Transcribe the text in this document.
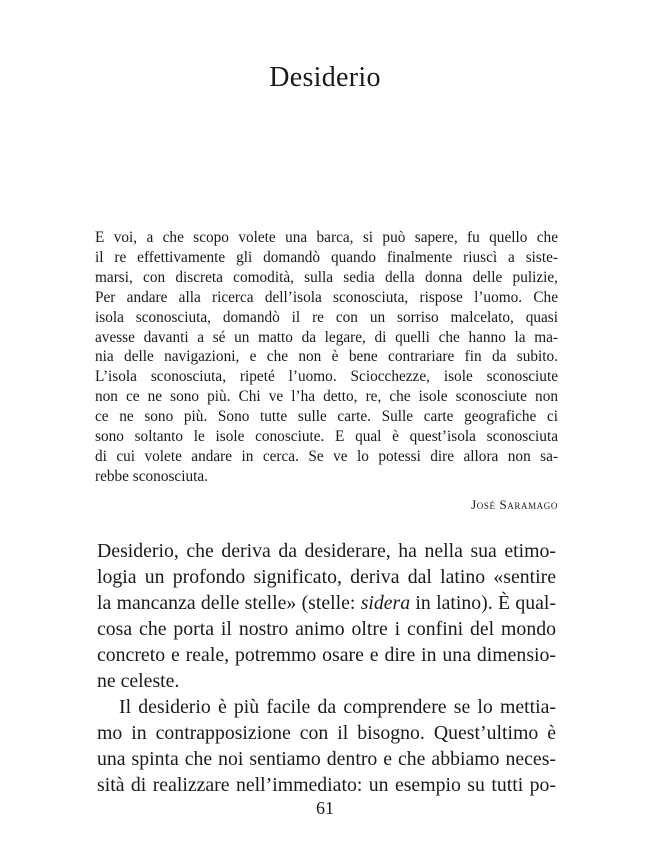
Desiderio

E voi, a che scopo volete una barca, si può sapere, fu quello che
il re effettivamente gli domandò quando finalmente riuscì a siste-
marsi, con discreta comodità, sulla sedia della donna delle pulizie,
Per andare alla ricerca dell’isola sconosciuta, rispose l’uomo. Che
isola sconosciuta, domandò il re con un sorriso malcelato, quasi
avesse davanti a sé un matto da legare, di quelli che hanno la ma-
nia delle navigazioni, e che non è bene contrariare fin da subito.
L’isola sconosciuta, ripeté l’uomo. Sciocchezze, isole sconosciute
non ce ne sono più. Chi ve l’ha detto, re, che isole sconosciute non
ce ne sono più. Sono tutte sulle carte. Sulle carte geografiche ci
sono soltanto le isole conosciute. E qual è quest’isola sconosciuta
di cui volete andare in cerca. Se ve lo potessi dire allora non sa-
rebbe sconosciuta.

José Saramago

Desiderio, che deriva da desiderare, ha nella sua etimo-
logia un profondo significato, deriva dal latino «sentire
la mancanza delle stelle» (stelle: sidera in latino). È qual-
cosa che porta il nostro animo oltre i confini del mondo
concreto e reale, potremmo osare e dire in una dimensio-
ne celeste.

Il desiderio è più facile da comprendere se lo mettia-
mo in contrapposizione con il bisogno. Quest’ultimo è
una spinta che noi sentiamo dentro e che abbiamo neces-
sità di realizzare nell’immediato: un esempio su tutti po-

61
